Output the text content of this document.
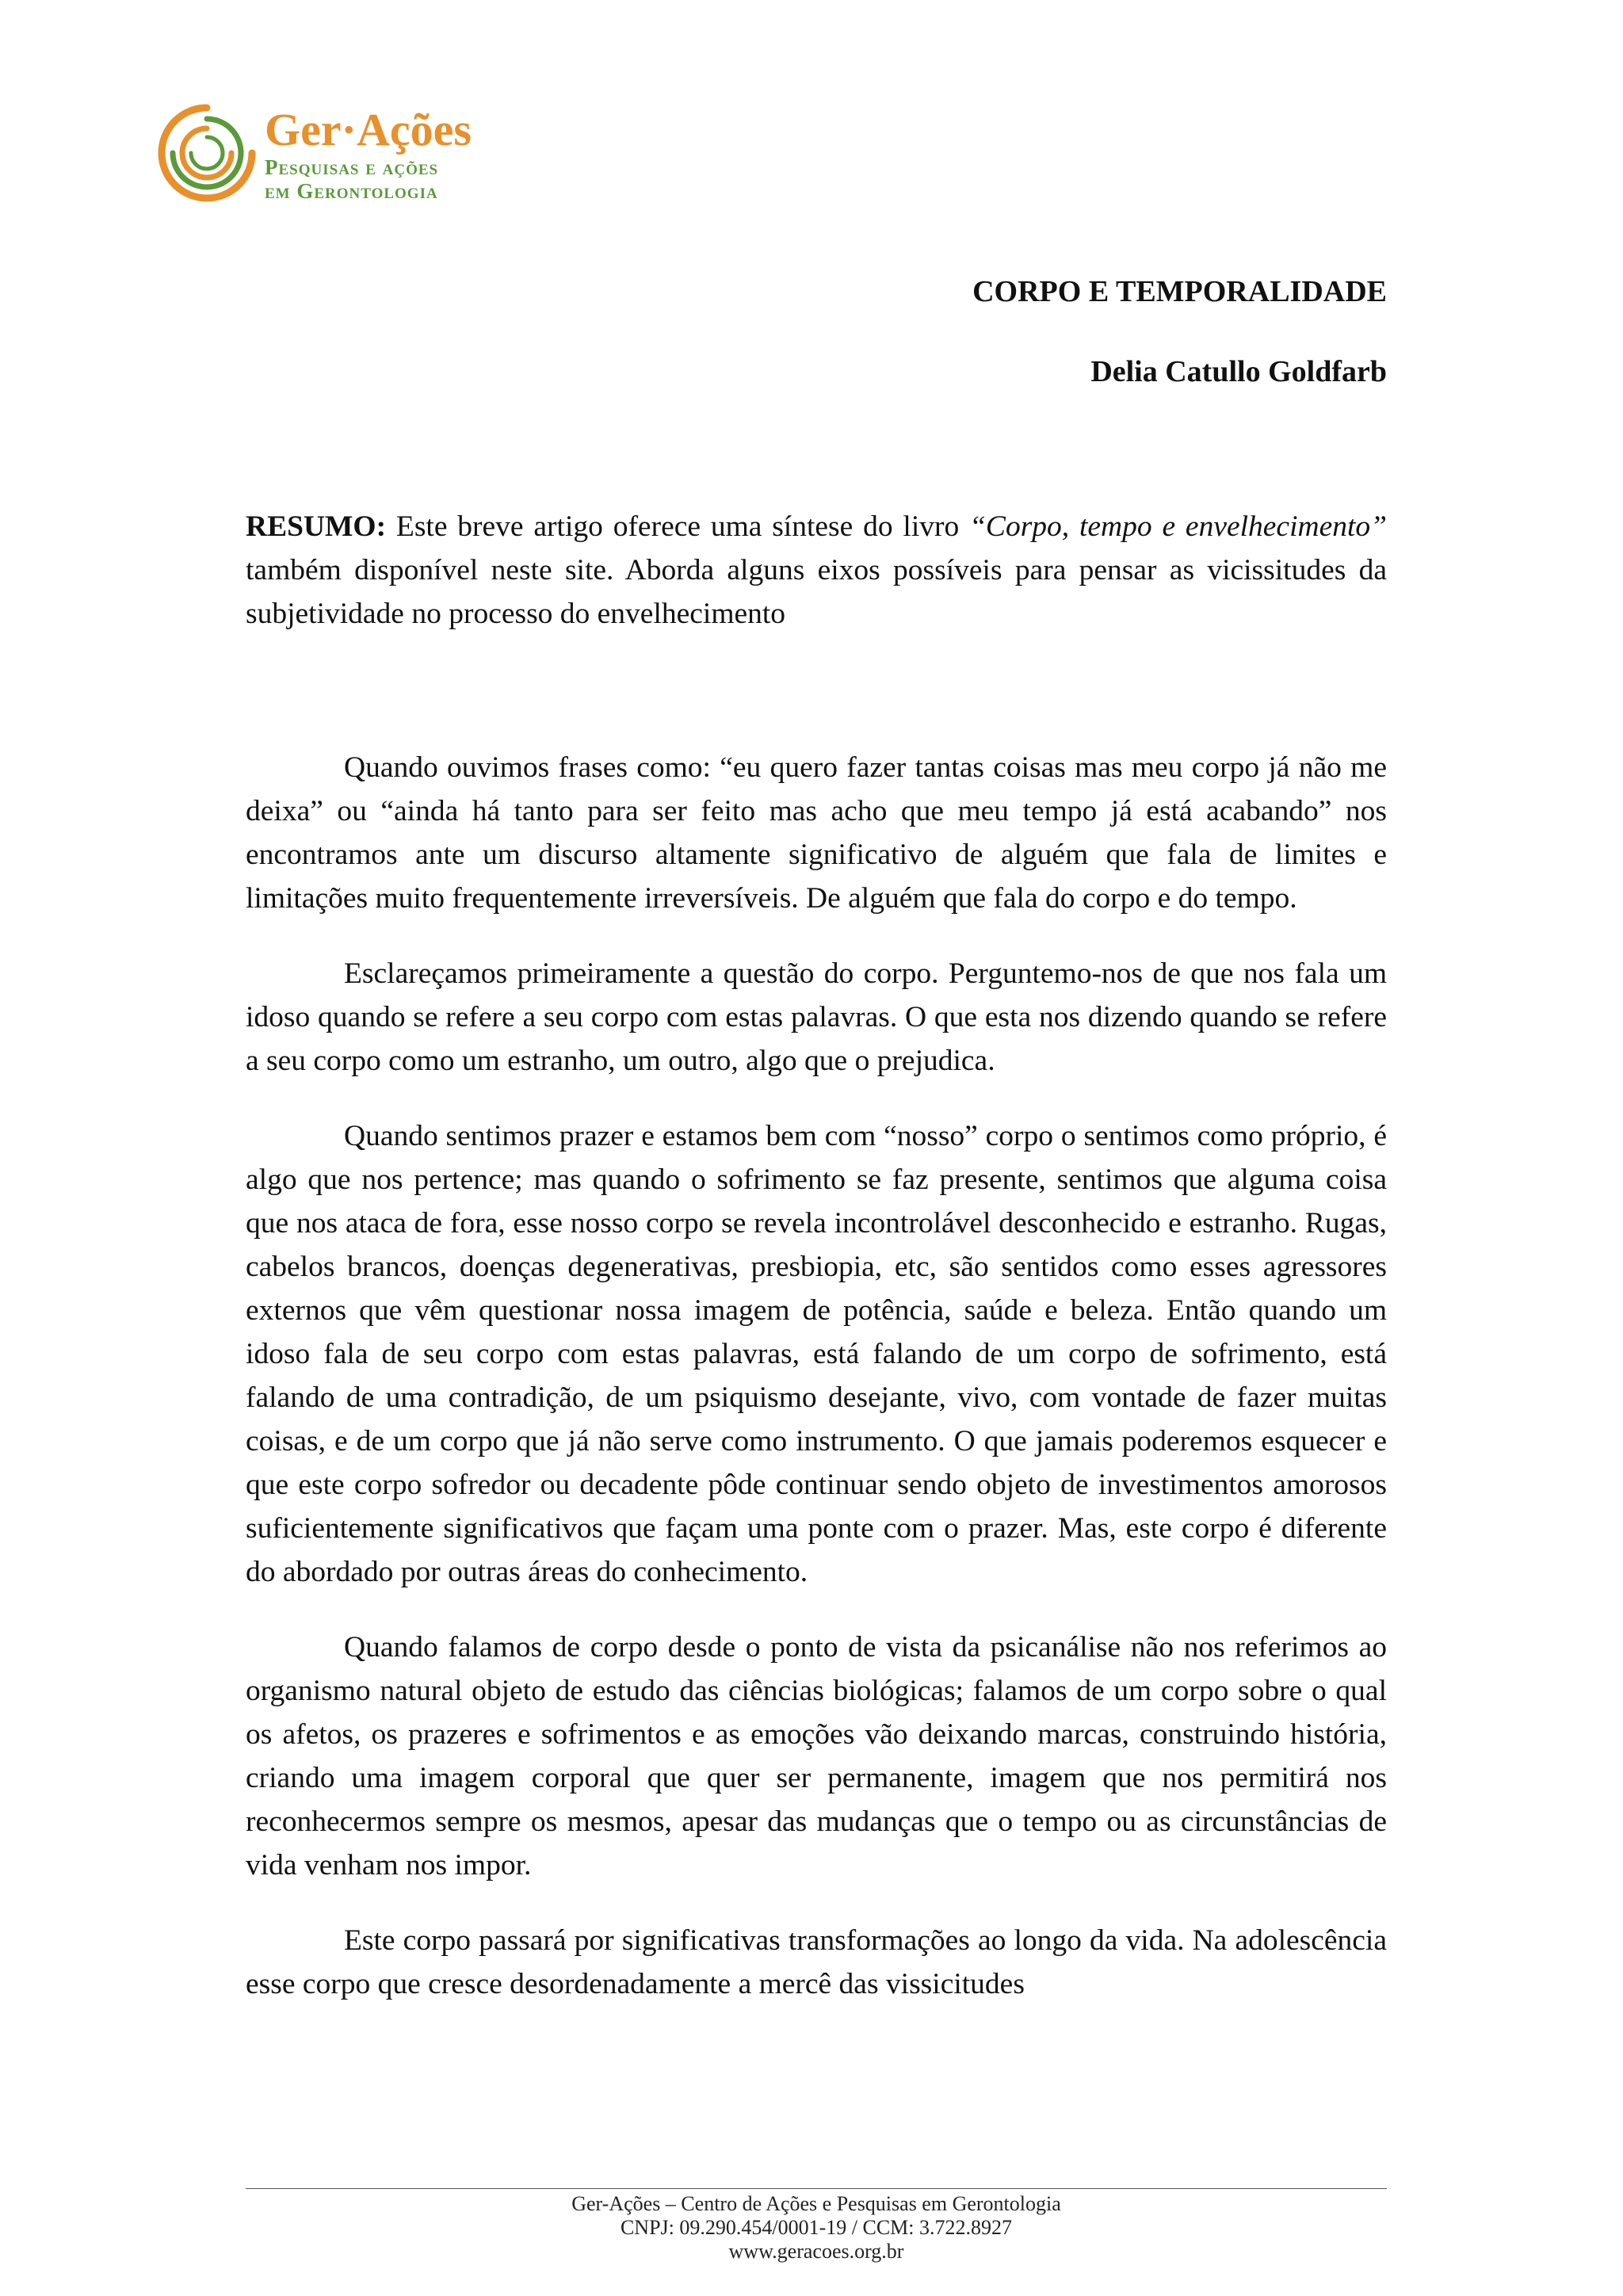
Ger·Ações
Pesquisas e ações
em Gerontologia
CORPO E TEMPORALIDADE
Delia Catullo Goldfarb

RESUMO: Este breve artigo oferece uma síntese do livro “Corpo, tempo e envelhecimento” também disponível neste site. Aborda alguns eixos possíveis para pensar as vicissitudes da subjetividade no processo do envelhecimento

Quando ouvimos frases como: “eu quero fazer tantas coisas mas meu corpo já não me deixa” ou “ainda há tanto para ser feito mas acho que meu tempo já está acabando” nos encontramos ante um discurso altamente significativo de alguém que fala de limites e limitações muito frequentemente irreversíveis. De alguém que fala do corpo e do tempo.

Esclareçamos primeiramente a questão do corpo. Perguntemo-nos de que nos fala um idoso quando se refere a seu corpo com estas palavras. O que esta nos dizendo quando se refere a seu corpo como um estranho, um outro, algo que o prejudica.

Quando sentimos prazer e estamos bem com “nosso” corpo o sentimos como próprio, é algo que nos pertence; mas quando o sofrimento se faz presente, sentimos que alguma coisa que nos ataca de fora, esse nosso corpo se revela incontrolável desconhecido e estranho. Rugas, cabelos brancos, doenças degenerativas, presbiopia, etc, são sentidos como esses agressores externos que vêm questionar nossa imagem de potência, saúde e beleza. Então quando um idoso fala de seu corpo com estas palavras, está falando de um corpo de sofrimento, está falando de uma contradição, de um psiquismo desejante, vivo, com vontade de fazer muitas coisas, e de um corpo que já não serve como instrumento. O que jamais poderemos esquecer e que este corpo sofredor ou decadente pôde continuar sendo objeto de investimentos amorosos suficientemente significativos que façam uma ponte com o prazer. Mas, este corpo é diferente do abordado por outras áreas do conhecimento.

Quando falamos de corpo desde o ponto de vista da psicanálise não nos referimos ao organismo natural objeto de estudo das ciências biológicas; falamos de um corpo sobre o qual os afetos, os prazeres e sofrimentos e as emoções vão deixando marcas, construindo história, criando uma imagem corporal que quer ser permanente, imagem que nos permitirá nos reconhecermos sempre os mesmos, apesar das mudanças que o tempo ou as circunstâncias de vida venham nos impor.

Este corpo passará por significativas transformações ao longo da vida. Na adolescência esse corpo que cresce desordenadamente a mercê das vissicitudes

Ger-Ações – Centro de Ações e Pesquisas em Gerontologia
CNPJ: 09.290.454/0001-19 / CCM: 3.722.8927
www.geracoes.org.br
